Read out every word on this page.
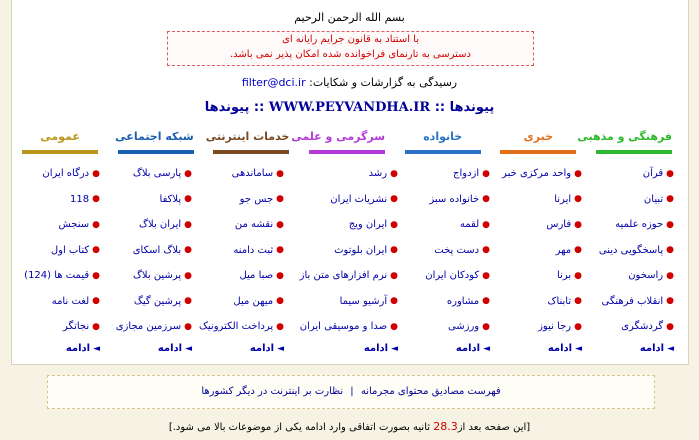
بسم الله الرحمن الرحيم
با استناد به قانون جرایم رایانه ای
دسترسی به تارنمای فراخوانده شده امکان پذیر نمی باشد.
رسیدگی به گزارشات و شکایات: filter@dci.ir
پیوندها :: WWW.PEYVANDHA.IR :: پیوندها
فرهنگی و مذهبی
خبری
خانواده
سرگرمی و علمی
خدمات اینترنتی
شبکه اجتماعی
عمومی
●
قرآن
●
تبیان
●
حوزه علمیه
●
پاسخگویی دینی
●
راسخون
●
انقلاب فرهنگی
●
گردشگری
◄
ادامه
●
واحد مرکزی خبر
●
ایرنا
●
فارس
●
مهر
●
برنا
●
تابناک
●
رجا نیوز
◄
ادامه
●
ازدواج
●
خانواده سبز
●
لقمه
●
دست پخت
●
کودکان ایران
●
مشاوره
●
ورزشی
◄
ادامه
●
رشد
●
نشریات ایران
●
ایران ویج
●
ایران بلوتوث
●
نرم افزارهای متن باز
●
آرشیو سیما
●
صدا و موسیقی ایران
◄
ادامه
●
ساماندهی
●
جس جو
●
نقشه من
●
ثبت دامنه
●
صبا میل
●
میهن میل
●
پرداخت الکترونیک
◄
ادامه
●
پارسی بلاگ
●
پلاکفا
●
ایران بلاگ
●
بلاگ اسکای
●
پرشین بلاگ
●
پرشین گیگ
●
سرزمین مجازی
◄
ادامه
●
درگاه ایران
●
118
●
سنجش
●
کتاب اول
●
قیمت ها (124)
●
لغت نامه
●
نجاتگر
◄
ادامه
فهرست مصادیق محتوای مجرمانه | نظارت بر اینترنت در دیگر کشورها
[این صفحه بعد از28.3 ثانیه بصورت اتفاقی وارد ادامه یکی از موضوعات بالا می شود.]
